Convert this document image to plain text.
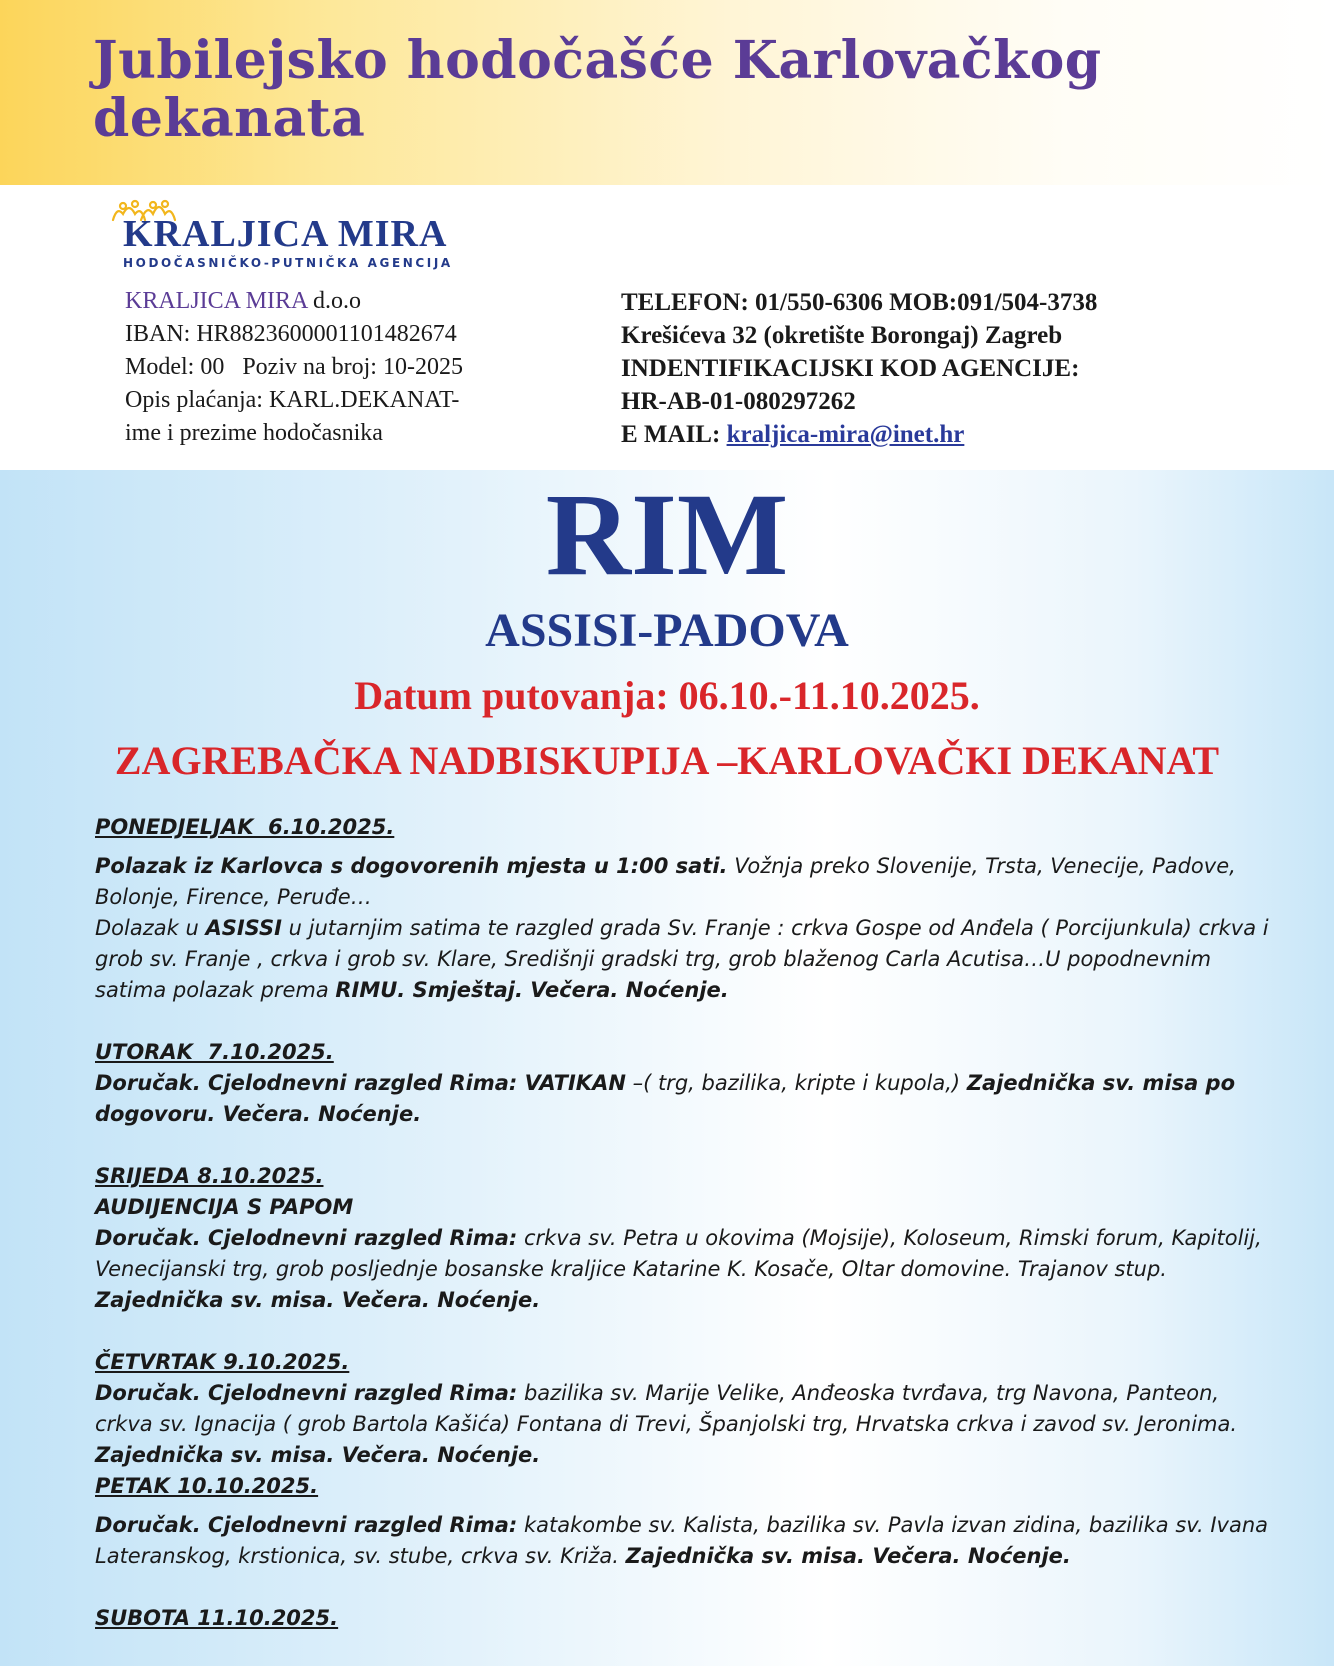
Jubilejsko hodočašće Karlovačkog dekanata
KRALJICA MIRA
HODOČASNIČKO-PUTNIČKA AGENCIJA
KRALJICA MIRA d.o.o
IBAN: HR8823600001101482674
Model: 00   Poziv na broj: 10-2025
Opis plaćanja: KARL.DEKANAT-
ime i prezime hodočasnika
TELEFON: 01/550-6306 MOB:091/504-3738
Krešićeva 32 (okretište Borongaj) Zagreb
INDENTIFIKACIJSKI KOD AGENCIJE:
HR-AB-01-080297262
E MAIL: kraljica-mira@inet.hr
RIM
ASSISI-PADOVA
Datum putovanja: 06.10.-11.10.2025.
ZAGREBAČKA NADBISKUPIJA –KARLOVAČKI DEKANAT
PONEDJELJAK  6.10.2025.
Polazak iz Karlovca s dogovorenih mjesta u 1:00 sati. Vožnja preko Slovenije, Trsta, Venecije, Padove, Bolonje, Firence, Peruđe…
Dolazak u ASISSI u jutarnjim satima te razgled grada Sv. Franje : crkva Gospe od Anđela ( Porcijunkula) crkva i grob sv. Franje , crkva i grob sv. Klare, Središnji gradski trg, grob blaženog Carla Acutisa…U popodnevnim satima polazak prema RIMU. Smještaj. Večera. Noćenje.
UTORAK  7.10.2025.
Doručak. Cjelodnevni razgled Rima: VATIKAN –( trg, bazilika, kripte i kupola,) Zajednička sv. misa po dogovoru. Večera. Noćenje.
SRIJEDA 8.10.2025.
AUDIJENCIJA S PAPOM
Doručak. Cjelodnevni razgled Rima: crkva sv. Petra u okovima (Mojsije), Koloseum, Rimski forum, Kapitolij, Venecijanski trg, grob posljednje bosanske kraljice Katarine K. Kosače, Oltar domovine. Trajanov stup. Zajednička sv. misa. Večera. Noćenje.
ČETVRTAK 9.10.2025.
Doručak. Cjelodnevni razgled Rima: bazilika sv. Marije Velike, Anđeoska tvrđava, trg Navona, Panteon, crkva sv. Ignacija ( grob Bartola Kašića) Fontana di Trevi, Španjolski trg, Hrvatska crkva i zavod sv. Jeronima. Zajednička sv. misa. Večera. Noćenje.
PETAK 10.10.2025.
Doručak. Cjelodnevni razgled Rima: katakombe sv. Kalista, bazilika sv. Pavla izvan zidina, bazilika sv. Ivana Lateranskog, krstionica, sv. stube, crkva sv. Križa. Zajednička sv. misa. Večera. Noćenje.
SUBOTA 11.10.2025.
